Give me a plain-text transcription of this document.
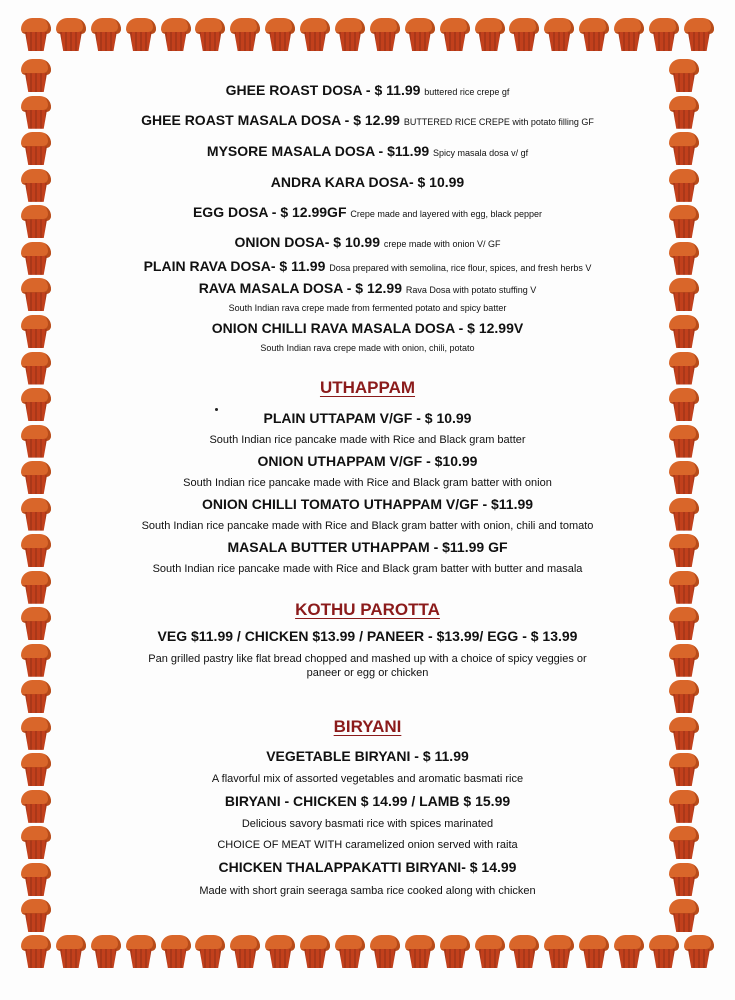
GHEE ROAST DOSA - $ 11.99 buttered rice crepe gf
GHEE ROAST MASALA DOSA - $ 12.99 BUTTERED RICE CREPE with potato filling GF
MYSORE MASALA DOSA - $11.99 Spicy masala dosa v/ gf
ANDRA KARA DOSA- $ 10.99
EGG DOSA - $ 12.99GF Crepe made and layered with egg, black pepper
ONION DOSA- $ 10.99 crepe made with onion V/ GF
PLAIN RAVA DOSA- $ 11.99 Dosa prepared with semolina, rice flour, spices, and fresh herbs V
RAVA MASALA DOSA - $ 12.99 Rava Dosa with potato stuffing V
South Indian rava crepe made from fermented potato and spicy batter
ONION CHILLI RAVA MASALA DOSA - $ 12.99V
South Indian rava crepe made with onion, chili, potato
UTHAPPAM
PLAIN UTTAPAM V/GF - $ 10.99
South Indian rice pancake made with Rice and Black gram batter
ONION UTHAPPAM V/GF - $10.99
South Indian rice pancake made with Rice and Black gram batter with onion
ONION CHILLI TOMATO UTHAPPAM V/GF - $11.99
South Indian rice pancake made with Rice and Black gram batter with onion, chili and tomato
MASALA BUTTER UTHAPPAM - $11.99 GF
South Indian rice pancake made with Rice and Black gram batter with butter and masala
KOTHU PAROTTA
VEG $11.99 / CHICKEN $13.99 / PANEER - $13.99/ EGG - $ 13.99
Pan grilled pastry like flat bread chopped and mashed up with a choice of spicy veggies or
paneer or egg or chicken
BIRYANI
VEGETABLE BIRYANI - $ 11.99
A flavorful mix of assorted vegetables and aromatic basmati rice
BIRYANI - CHICKEN $ 14.99 / LAMB $ 15.99
Delicious savory basmati rice with spices marinated
CHOICE OF MEAT WITH caramelized onion served with raita
CHICKEN THALAPPAKATTI BIRYANI- $ 14.99
Made with short grain seeraga samba rice cooked along with chicken
